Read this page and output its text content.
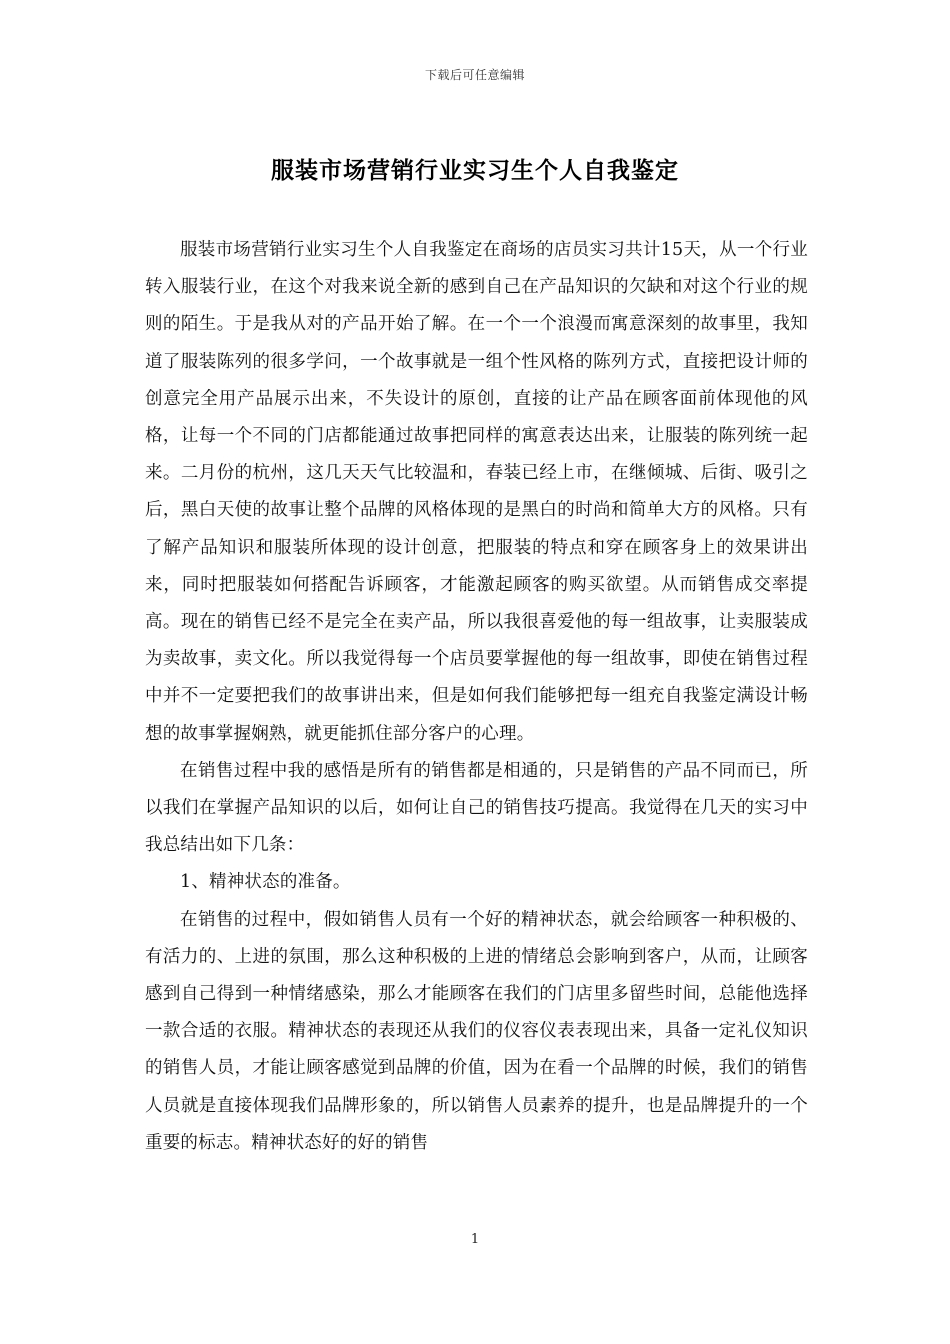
下载后可任意编辑
服装市场营销行业实习生个人自我鉴定

服装市场营销行业实习生个人自我鉴定在商场的店员实习共计15天，从一个行业转入服装行业，在这个对我来说全新的感到自己在产品知识的欠缺和对这个行业的规则的陌生。于是我从对的产品开始了解。在一个一个浪漫而寓意深刻的故事里，我知道了服装陈列的很多学问，一个故事就是一组个性风格的陈列方式，直接把设计师的创意完全用产品展示出来，不失设计的原创，直接的让产品在顾客面前体现他的风格，让每一个不同的门店都能通过故事把同样的寓意表达出来，让服装的陈列统一起来。二月份的杭州，这几天天气比较温和，春装已经上市，在继倾城、后街、吸引之后，黑白天使的故事让整个品牌的风格体现的是黑白的时尚和简单大方的风格。只有了解产品知识和服装所体现的设计创意，把服装的特点和穿在顾客身上的效果讲出来，同时把服装如何搭配告诉顾客，才能激起顾客的购买欲望。从而销售成交率提高。现在的销售已经不是完全在卖产品，所以我很喜爱他的每一组故事，让卖服装成为卖故事，卖文化。所以我觉得每一个店员要掌握他的每一组故事，即使在销售过程中并不一定要把我们的故事讲出来，但是如何我们能够把每一组充自我鉴定满设计畅想的故事掌握娴熟，就更能抓住部分客户的心理。

在销售过程中我的感悟是所有的销售都是相通的，只是销售的产品不同而已，所以我们在掌握产品知识的以后，如何让自己的销售技巧提高。我觉得在几天的实习中我总结出如下几条：

1、精神状态的准备。

在销售的过程中，假如销售人员有一个好的精神状态，就会给顾客一种积极的、有活力的、上进的氛围，那么这种积极的上进的情绪总会影响到客户，从而，让顾客感到自己得到一种情绪感染，那么才能顾客在我们的门店里多留些时间，总能他选择一款合适的衣服。精神状态的表现还从我们的仪容仪表表现出来，具备一定礼仪知识的销售人员，才能让顾客感觉到品牌的价值，因为在看一个品牌的时候，我们的销售人员就是直接体现我们品牌形象的，所以销售人员素养的提升，也是品牌提升的一个重要的标志。精神状态好的好的销售

1
